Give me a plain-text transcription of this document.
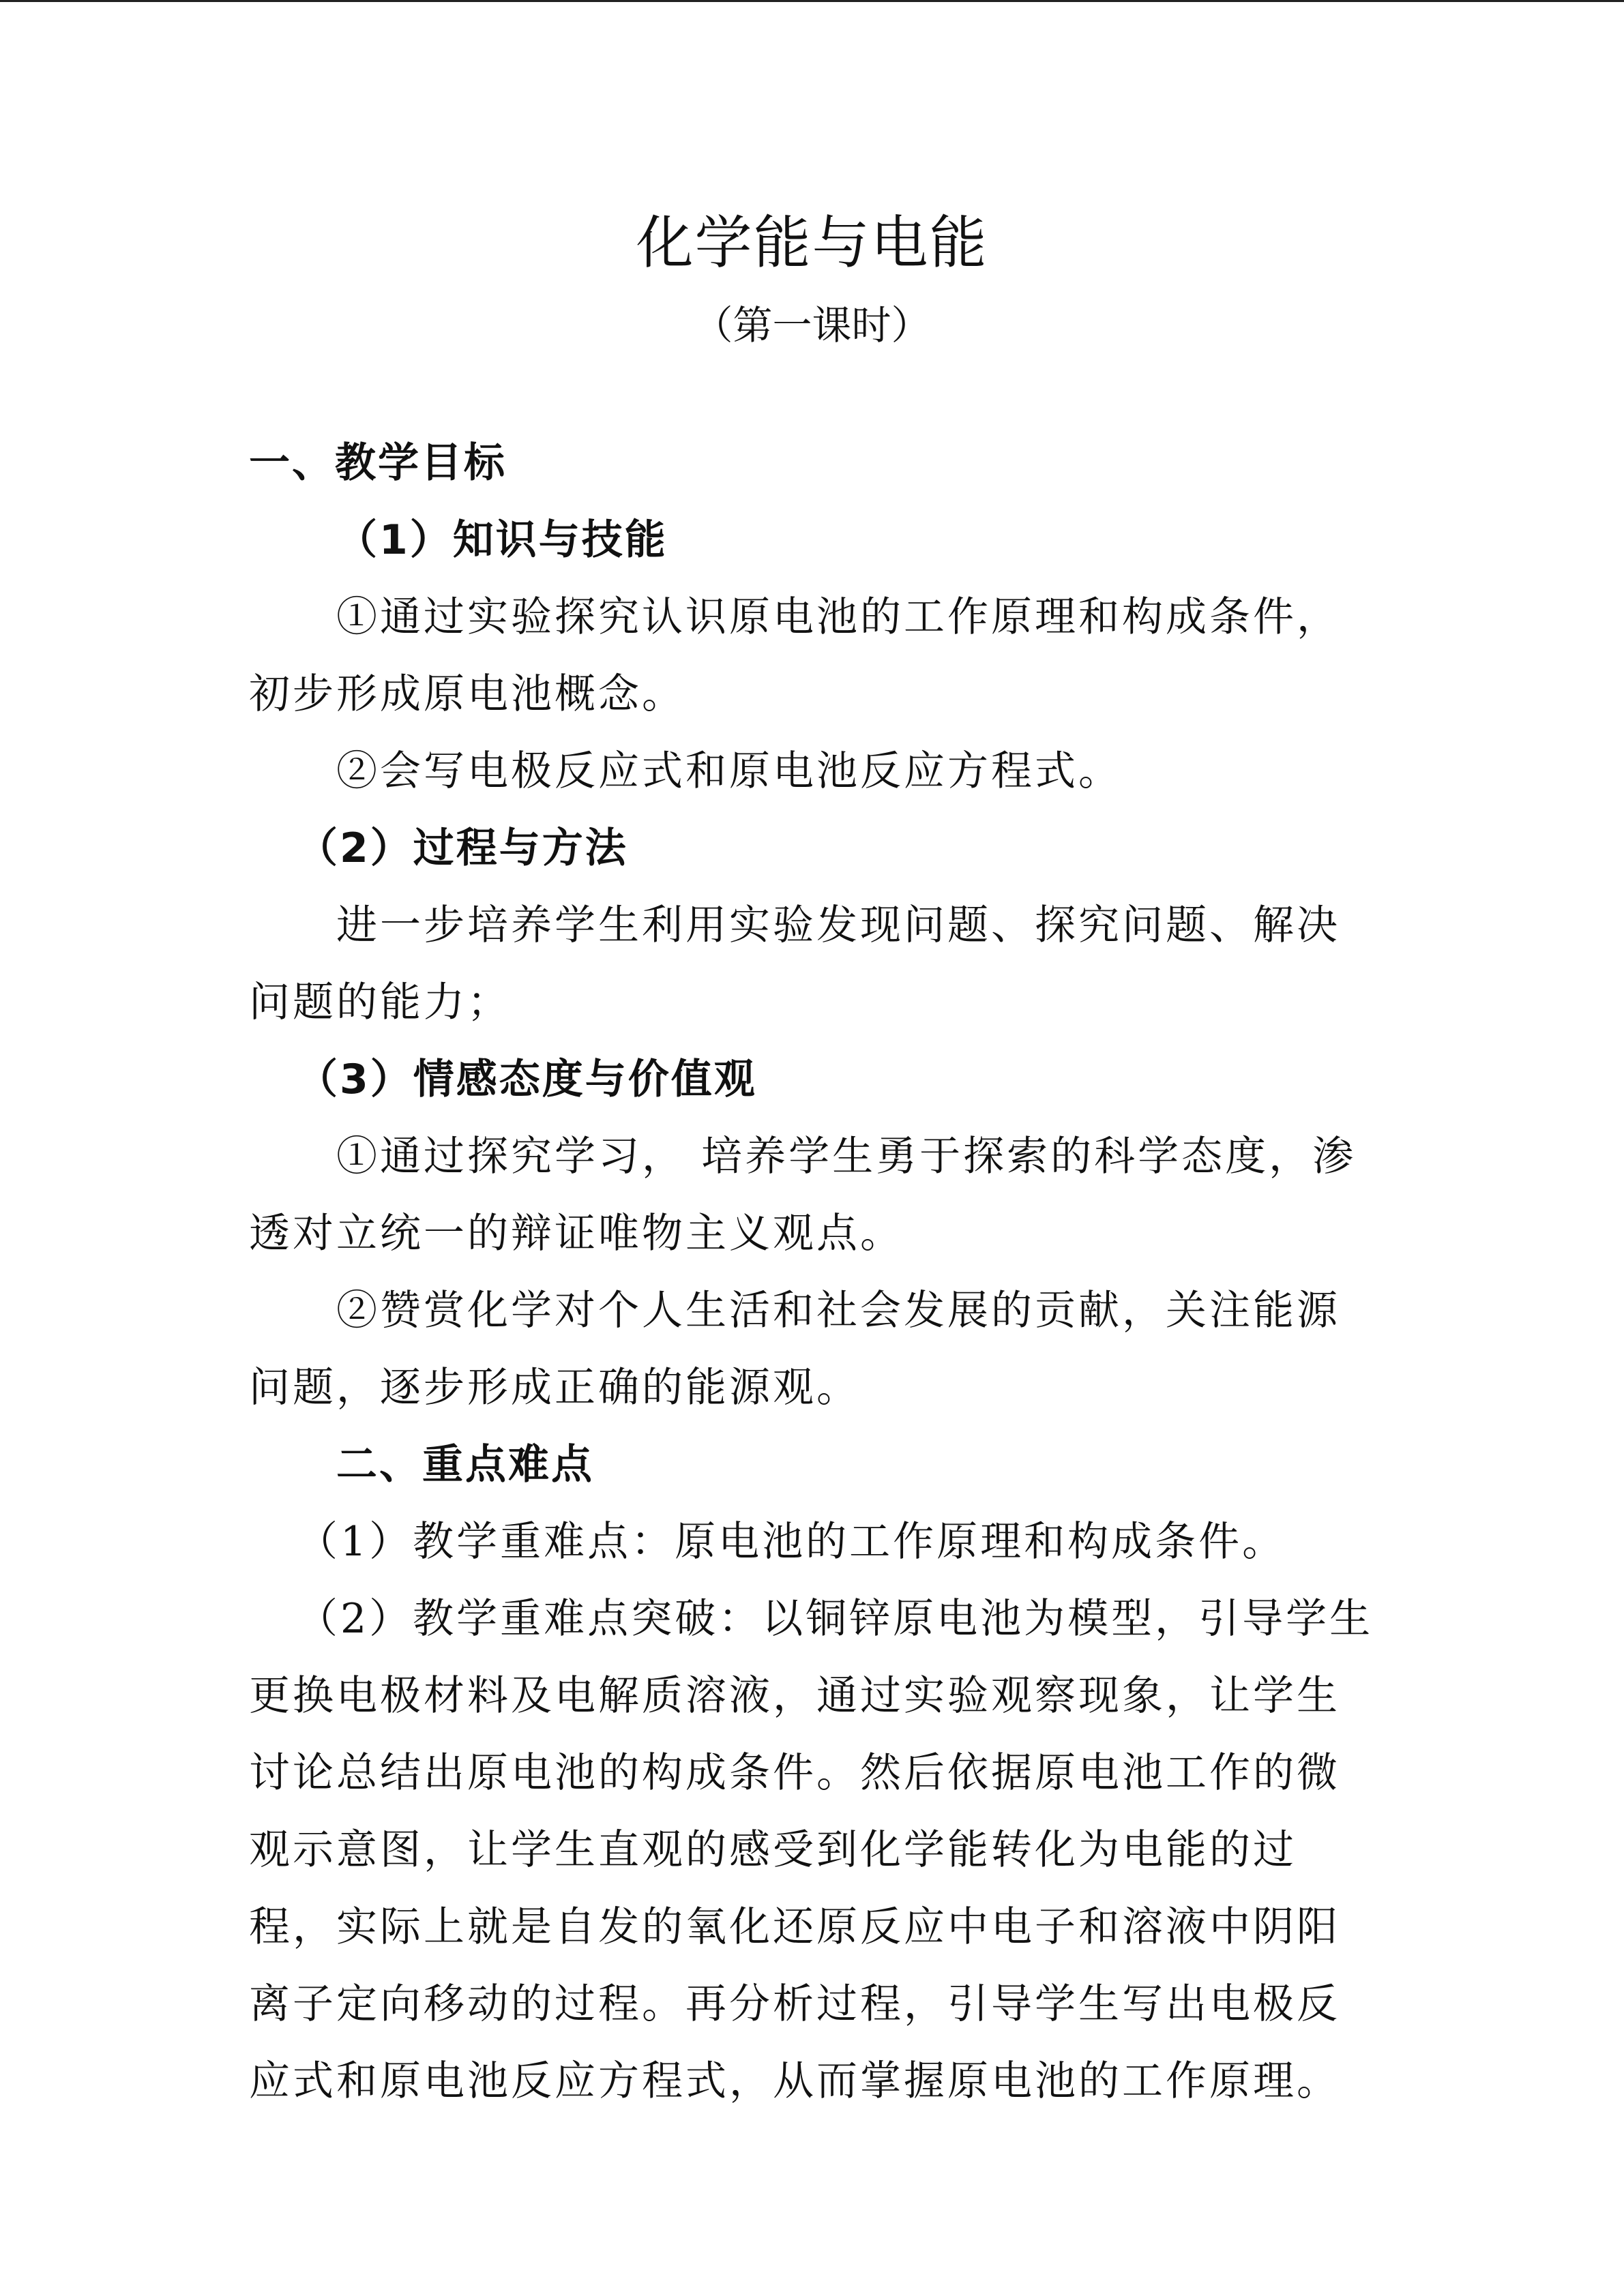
化学能与电能
（第一课时）
一、教学目标
（1）知识与技能
①通过实验探究认识原电池的工作原理和构成条件，
初步形成原电池概念。
②会写电极反应式和原电池反应方程式。
（2）过程与方法
进一步培养学生利用实验发现问题、探究问题、解决
问题的能力；
（3）情感态度与价值观
①通过探究学习， 培养学生勇于探索的科学态度，渗
透对立统一的辩证唯物主义观点。
②赞赏化学对个人生活和社会发展的贡献，关注能源
问题，逐步形成正确的能源观。
二、重点难点
（1）教学重难点：原电池的工作原理和构成条件。
（2）教学重难点突破：以铜锌原电池为模型，引导学生
更换电极材料及电解质溶液，通过实验观察现象，让学生
讨论总结出原电池的构成条件。然后依据原电池工作的微
观示意图，让学生直观的感受到化学能转化为电能的过
程，实际上就是自发的氧化还原反应中电子和溶液中阴阳
离子定向移动的过程。再分析过程，引导学生写出电极反
应式和原电池反应方程式，从而掌握原电池的工作原理。
